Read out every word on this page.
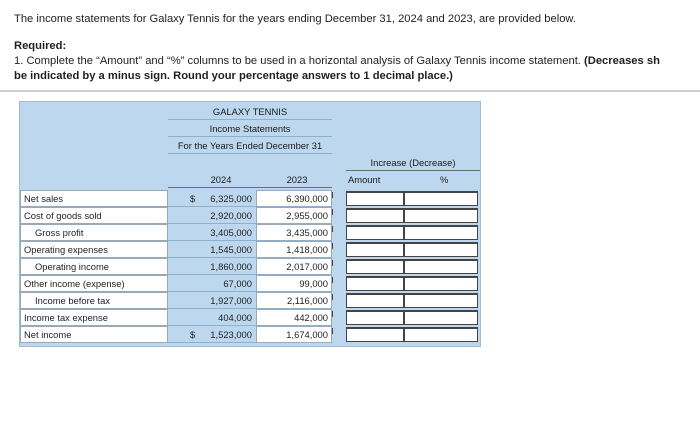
The income statements for Galaxy Tennis for the years ending December 31, 2024 and 2023, are provided below.
Required:
1. Complete the “Amount” and “%” columns to be used in a horizontal analysis of Galaxy Tennis income statement. (Decreases sh
be indicated by a minus sign. Round your percentage answers to 1 decimal place.)
GALAXY TENNIS
Income Statements
For the Years Ended December 31
Increase (Decrease)
2024	2023	Amount	%
Net sales	$	6,325,000	6,390,000
Cost of goods sold	2,920,000	2,955,000
Gross profit	3,405,000	3,435,000
Operating expenses	1,545,000	1,418,000
Operating income	1,860,000	2,017,000
Other income (expense)	67,000	99,000
Income before tax	1,927,000	2,116,000
Income tax expense	404,000	442,000
Net income	$	1,523,000	1,674,000
